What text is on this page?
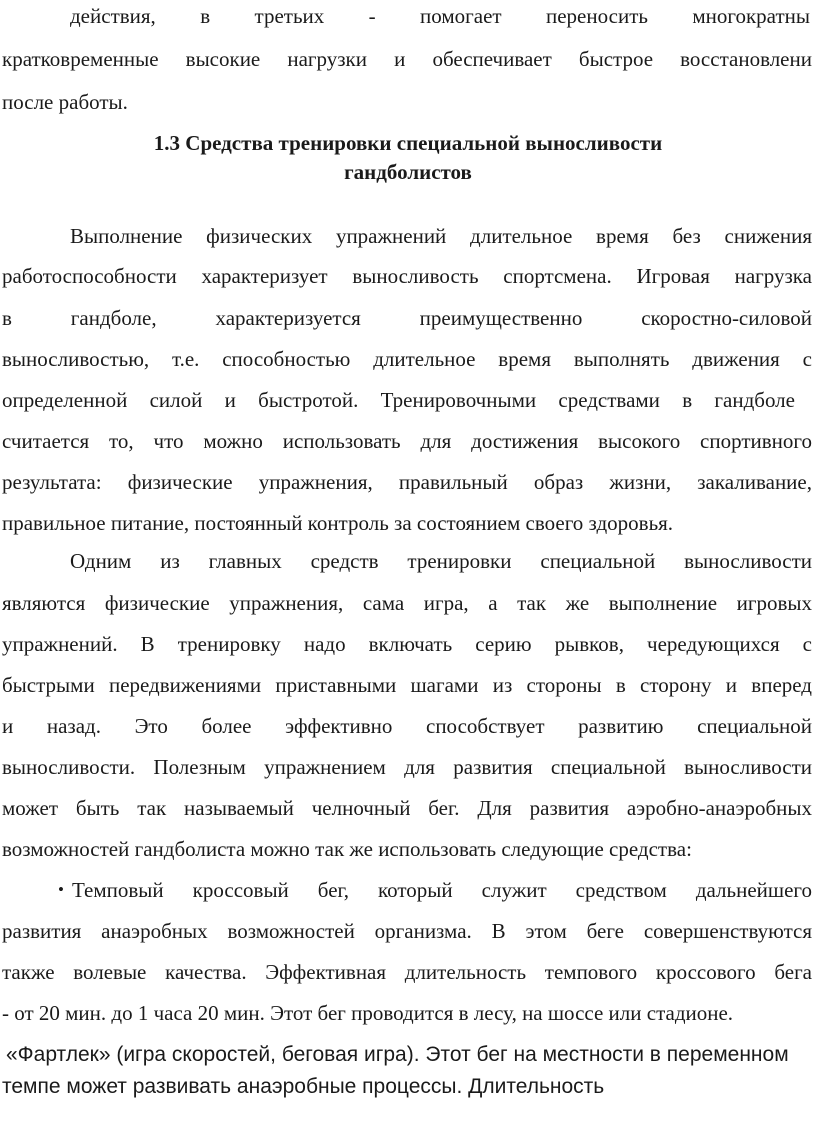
действия, в третьих - помогает переносить многократны
кратковременные высокие нагрузки и обеспечивает быстрое восстановлени
после работы.
1.3 Средства тренировки специальной выносливости
гандболистов
Выполнение физических упражнений длительное время без снижения
работоспособности характеризует выносливость спортсмена. Игровая нагрузка
в гандболе, характеризуется преимущественно скоростно-силовой
выносливостью, т.е. способностью длительное время выполнять движения с
определенной силой и быстротой. Тренировочными средствами в гандболе
считается то, что можно использовать для достижения высокого спортивного
результата: физические упражнения, правильный образ жизни, закаливание,
правильное питание, постоянный контроль за состоянием своего здоровья.
Одним из главных средств тренировки специальной выносливости
являются физические упражнения, сама игра, а так же выполнение игровых
упражнений. В тренировку надо включать серию рывков, чередующихся с
быстрыми передвижениями приставными шагами из стороны в сторону и вперед
и назад. Это более эффективно способствует развитию специальной
выносливости. Полезным упражнением для развития специальной выносливости
может быть так называемый челночный бег. Для развития аэробно-анаэробных
возможностей гандболиста можно так же использовать следующие средства:
• Темповый кроссовый бег, который служит средством дальнейшего
развития анаэробных возможностей организма. В этом беге совершенствуются
также волевые качества. Эффективная длительность темпового кроссового бега
- от 20 мин. до 1 часа 20 мин. Этот бег проводится в лесу, на шоссе или стадионе.
«Фартлек» (игра скоростей, беговая игра). Этот бег на местности в переменном
темпе может развивать анаэробные процессы. Длительность
